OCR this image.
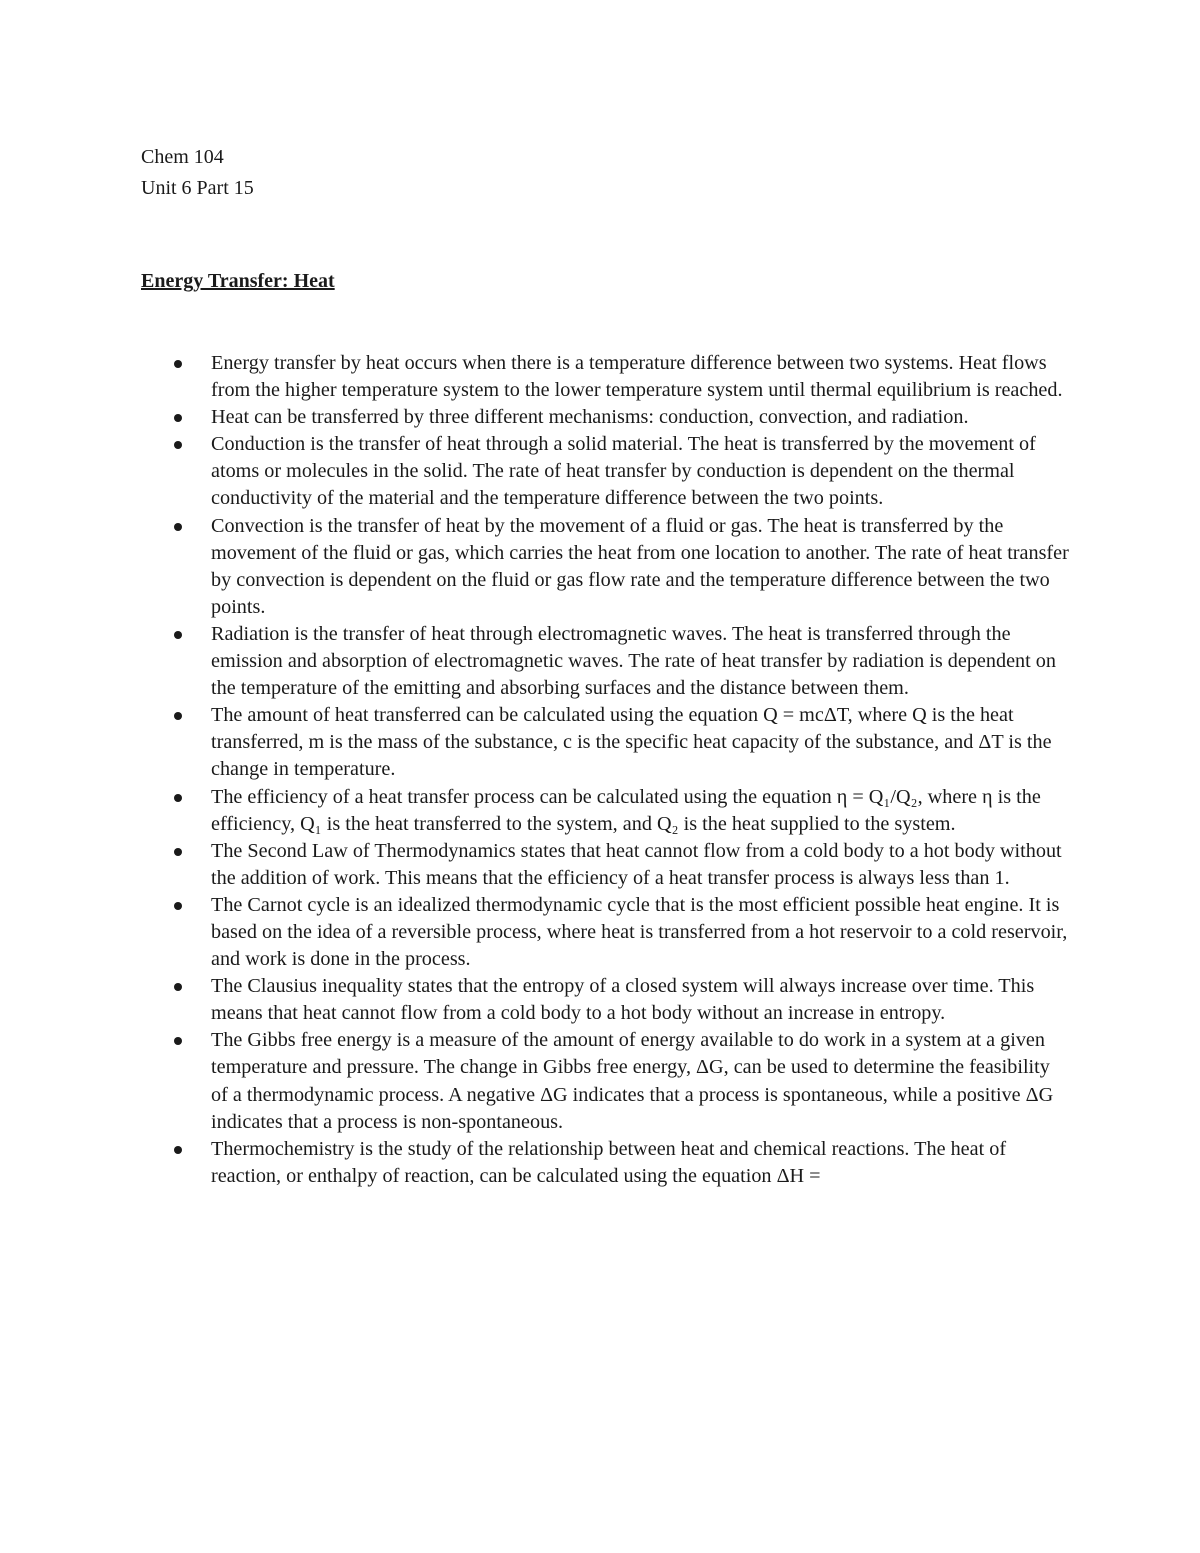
Chem 104
Unit 6 Part 15
Energy Transfer: Heat
Energy transfer by heat occurs when there is a temperature difference between two systems. Heat flows from the higher temperature system to the lower temperature system until thermal equilibrium is reached.
Heat can be transferred by three different mechanisms: conduction, convection, and radiation.
Conduction is the transfer of heat through a solid material. The heat is transferred by the movement of atoms or molecules in the solid. The rate of heat transfer by conduction is dependent on the thermal conductivity of the material and the temperature difference between the two points.
Convection is the transfer of heat by the movement of a fluid or gas. The heat is transferred by the movement of the fluid or gas, which carries the heat from one location to another. The rate of heat transfer by convection is dependent on the fluid or gas flow rate and the temperature difference between the two points.
Radiation is the transfer of heat through electromagnetic waves. The heat is transferred through the emission and absorption of electromagnetic waves. The rate of heat transfer by radiation is dependent on the temperature of the emitting and absorbing surfaces and the distance between them.
The amount of heat transferred can be calculated using the equation Q = mcΔT, where Q is the heat transferred, m is the mass of the substance, c is the specific heat capacity of the substance, and ΔT is the change in temperature.
The efficiency of a heat transfer process can be calculated using the equation η = Q₁/Q₂, where η is the efficiency, Q₁ is the heat transferred to the system, and Q₂ is the heat supplied to the system.
The Second Law of Thermodynamics states that heat cannot flow from a cold body to a hot body without the addition of work. This means that the efficiency of a heat transfer process is always less than 1.
The Carnot cycle is an idealized thermodynamic cycle that is the most efficient possible heat engine. It is based on the idea of a reversible process, where heat is transferred from a hot reservoir to a cold reservoir, and work is done in the process.
The Clausius inequality states that the entropy of a closed system will always increase over time. This means that heat cannot flow from a cold body to a hot body without an increase in entropy.
The Gibbs free energy is a measure of the amount of energy available to do work in a system at a given temperature and pressure. The change in Gibbs free energy, ΔG, can be used to determine the feasibility of a thermodynamic process. A negative ΔG indicates that a process is spontaneous, while a positive ΔG indicates that a process is non-spontaneous.
Thermochemistry is the study of the relationship between heat and chemical reactions. The heat of reaction, or enthalpy of reaction, can be calculated using the equation ΔH =
